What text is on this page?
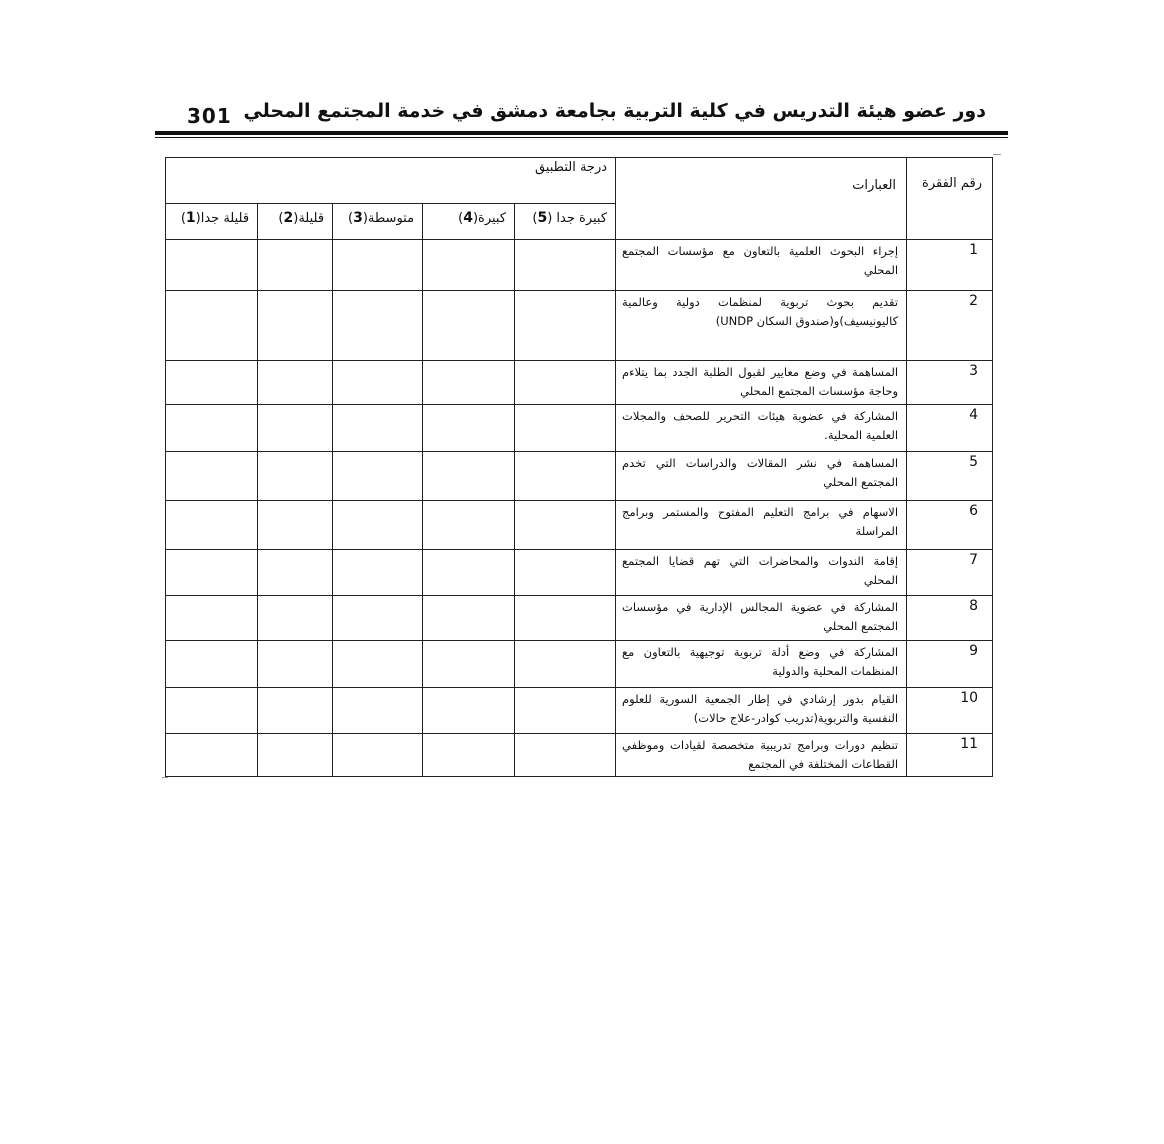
301 دور عضو هيئة التدريس في كلية التربية بجامعة دمشق في خدمة المجتمع المحلي
رقم الفقرة	العبارات	درجة التطبيق				
		كبيرة جدا (5)	كبيرة(4)	متوسطة(3)	قليلة(2)	قليلة جدا(1)
1	إجراء البحوث العلمية بالتعاون مع مؤسسات المجتمع المحلي					
2	تقديم بحوث تربوية لمنظمات دولية وعالمية كاليونيسيف)و(صندوق السكان UNDP)					
3	المساهمة في وضع معايير لقبول الطلبة الجدد بما يتلاءم وحاجة مؤسسات المجتمع المحلي					
4	المشاركة في عضوية هيئات التحرير للصحف والمجلات العلمية المحلية.					
5	المساهمة في نشر المقالات والدراسات التي تخدم المجتمع المحلي					
6	الاسهام في برامج التعليم المفتوح والمستمر وبرامج المراسلة					
7	إقامة الندوات والمحاضرات التي تهم قضايا المجتمع المحلي					
8	المشاركة في عضوية المجالس الإدارية في مؤسسات المجتمع المحلي					
9	المشاركة في وضع أدلة تربوية توجيهية بالتعاون مع المنظمات المحلية والدولية					
10	القيام بدور إرشادي في إطار الجمعية السورية للعلوم النفسية والتربوية(تدريب كوادر-علاج حالات)					
11	تنظيم دورات وبرامج تدريبية متخصصة لقيادات وموظفي القطاعات المختلفة في المجتمع					
